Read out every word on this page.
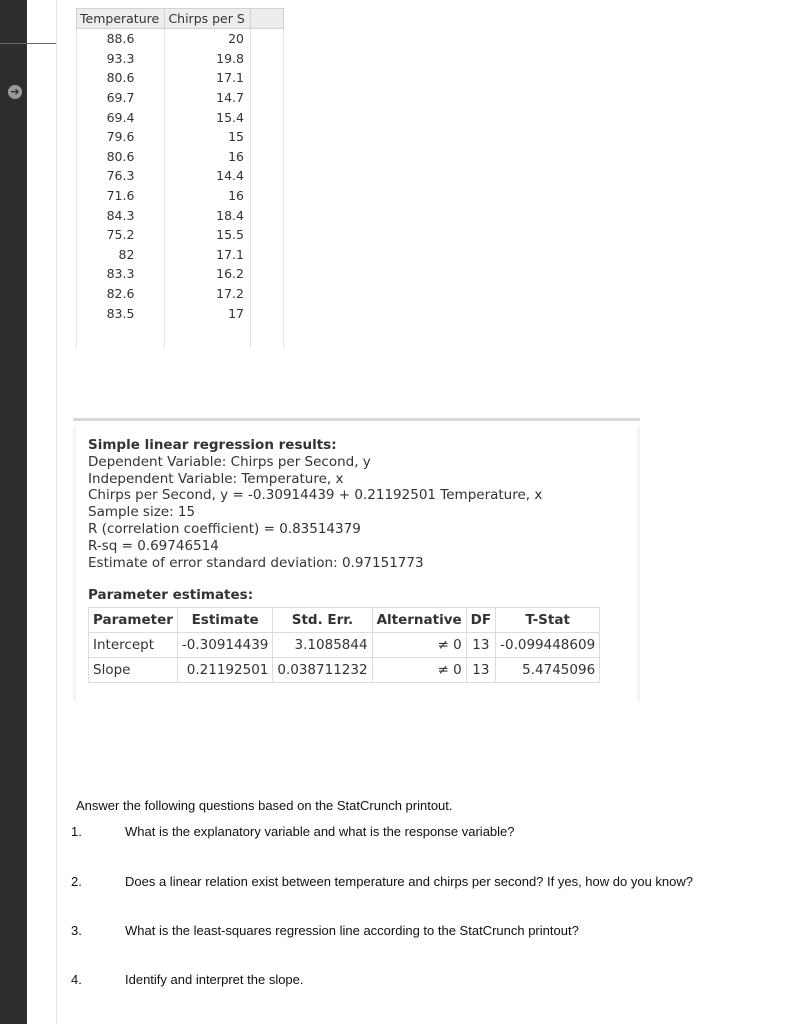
➔
Temperature	Chirps per S	
88.6	20	
93.3	19.8	
80.6	17.1	
69.7	14.7	
69.4	15.4	
79.6	15	
80.6	16	
76.3	14.4	
71.6	16	
84.3	18.4	
75.2	15.5	
82	17.1	
83.3	16.2	
82.6	17.2	
83.5	17	

Simple linear regression results:
Dependent Variable: Chirps per Second, y
Independent Variable: Temperature, x
Chirps per Second, y = -0.30914439 + 0.21192501 Temperature, x
Sample size: 15
R (correlation coefficient) = 0.83514379
R-sq = 0.69746514
Estimate of error standard deviation: 0.97151773
Parameter estimates:
Parameter	Estimate	Std. Err.	Alternative	DF	T-Stat
Intercept	-0.30914439	3.1085844	≠ 0	13	-0.099448609
Slope	0.21192501	0.038711232	≠ 0	13	5.4745096
Answer the following questions based on the StatCrunch printout.
1.	What is the explanatory variable and what is the response variable?
2.	Does a linear relation exist between temperature and chirps per second? If yes, how do you know?
3.	What is the least-squares regression line according to the StatCrunch printout?
4.	Identify and interpret the slope.
